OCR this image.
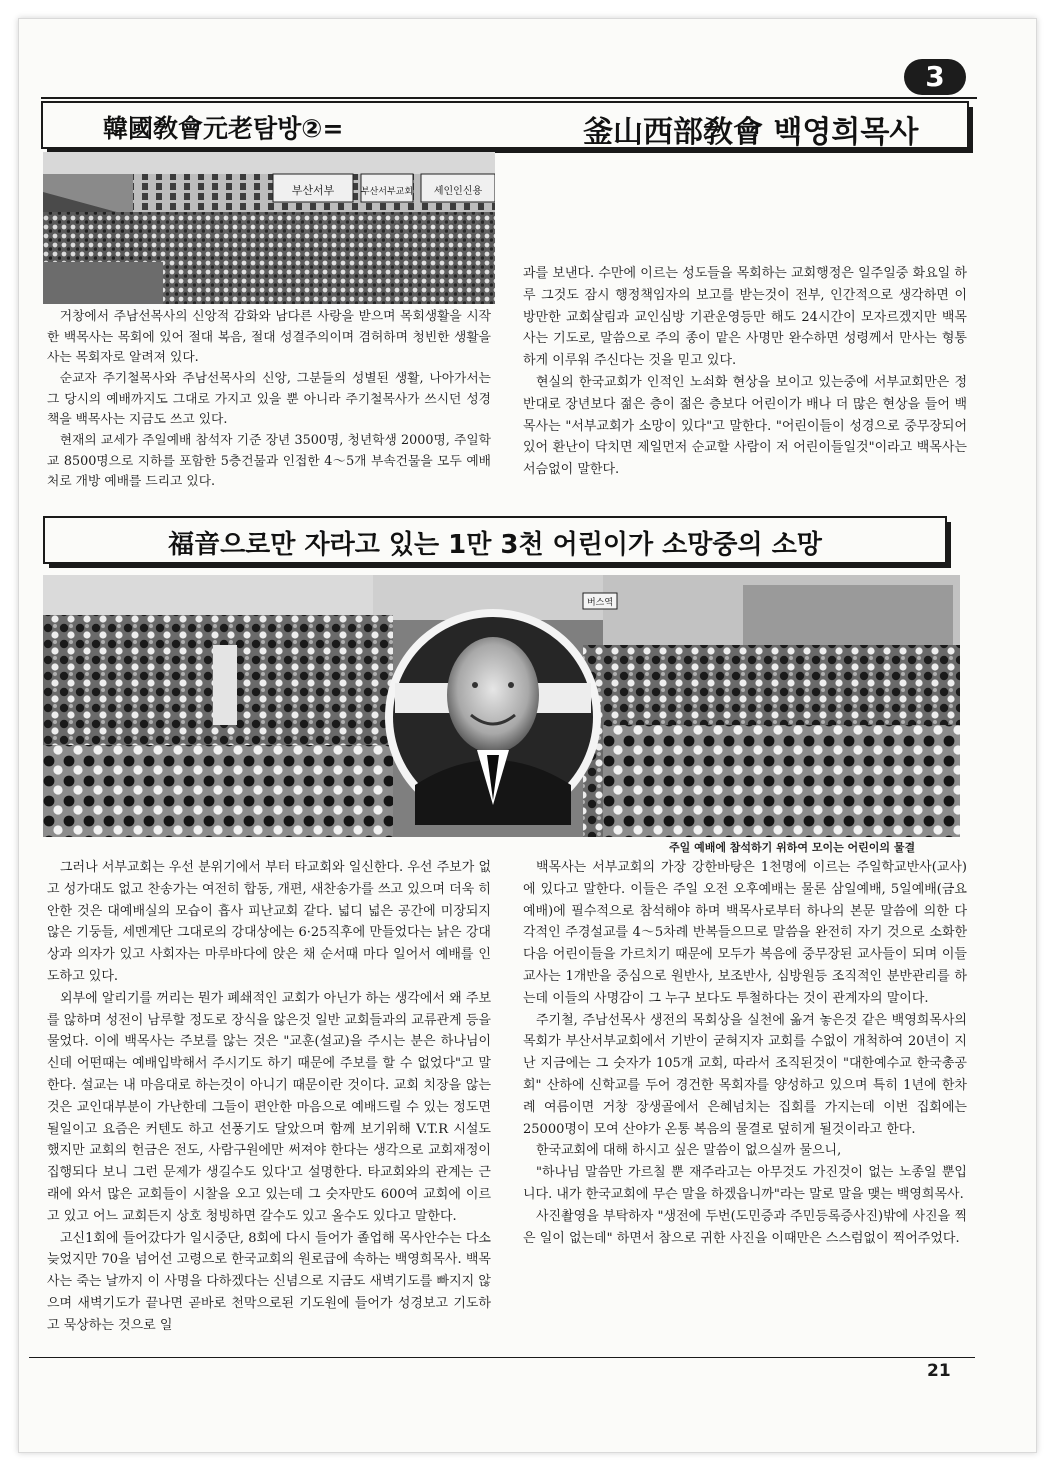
3
韓國敎會元老탐방②=	釜山西部敎會 백영희목사
부산서부	부산서부교회 세인인신용

거창에서 주남선목사의 신앙적 감화와 남다른 사랑을 받으며 목회생활을 시작한 백목사는 목회에 있어 절대 복음, 절대 성결주의이며 겸허하며 청빈한 생활을 사는 목회자로 알려져 있다.

순교자 주기철목사와 주남선목사의 신앙, 그분들의 성별된 생활, 나아가서는 그 당시의 예배까지도 그대로 가지고 있을 뿐 아니라 주기철목사가 쓰시던 성경책을 백목사는 지금도 쓰고 있다.

현재의 교세가 주일예배 참석자 기준 장년 3500명, 청년학생 2000명, 주일학교 8500명으로 지하를 포함한 5층건물과 인접한 4～5개 부속건물을 모두 예배처로 개방 예배를 드리고 있다.

과를 보낸다. 수만에 이르는 성도들을 목회하는 교회행정은 일주일중 화요일 하루 그것도 잠시 행정책임자의 보고를 받는것이 전부, 인간적으로 생각하면 이 방만한 교회살림과 교인심방 기관운영등만 해도 24시간이 모자르겠지만 백목사는 기도로, 말씀으로 주의 종이 맡은 사명만 완수하면 성령께서 만사는 형통하게 이루워 주신다는 것을 믿고 있다.

현실의 한국교회가 인적인 노쇠화 현상을 보이고 있는중에 서부교회만은 정반대로 장년보다 젊은 층이 젊은 층보다 어린이가 배나 더 많은 현상을 들어 백목사는 "서부교회가 소망이 있다"고 말한다. "어린이들이 성경으로 중무장되어 있어 환난이 닥치면 제일먼저 순교할 사람이 저 어린이들일것"이라고 백목사는 서슴없이 말한다.

福音으로만 자라고 있는 1만 3천 어린이가 소망중의 소망
버스역
주일 예배에 참석하기 위하여 모이는 어린이의 물결

그러나 서부교회는 우선 분위기에서 부터 타교회와 일신한다. 우선 주보가 없고 성가대도 없고 찬송가는 여전히 합동, 개편, 새찬송가를 쓰고 있으며 더욱 히안한 것은 대예배실의 모습이 흡사 피난교회 같다. 넓디 넓은 공간에 미장되지않은 기둥들, 세멘계단 그대로의 강대상에는 6·25직후에 만들었다는 낡은 강대상과 의자가 있고 사회자는 마루바다에 앉은 채 순서때 마다 일어서 예배를 인도하고 있다.

외부에 알리기를 꺼리는 뭔가 폐쇄적인 교회가 아닌가 하는 생각에서 왜 주보를 않하며 성전이 남루할 정도로 장식을 않은것 일반 교회들과의 교류관계 등을 물었다. 이에 백목사는 주보를 않는 것은 "교훈(설교)을 주시는 분은 하나님이신데 어떤때는 예배입박해서 주시기도 하기 때문에 주보를 할 수 없었다"고 말한다. 설교는 내 마음대로 하는것이 아니기 때문이란 것이다. 교회 치장을 않는것은 교인대부분이 가난한데 그들이 편안한 마음으로 예배드릴 수 있는 정도면 될일이고 요즘은 커텐도 하고 선풍기도 달았으며 함께 보기위해 V.T.R 시설도 했지만 교회의 헌금은 전도, 사람구원에만 써져야 한다는 생각으로 교회재정이 집행되다 보니 그런 문제가 생길수도 있다'고 설명한다. 타교회와의 관계는 근래에 와서 많은 교회들이 시찰을 오고 있는데 그 숫자만도 600여 교회에 이르고 있고 어느 교회든지 상호 청빙하면 갈수도 있고 올수도 있다고 말한다.

고신1회에 들어갔다가 일시중단, 8회에 다시 들어가 졸업해 목사안수는 다소 늦었지만 70을 넘어선 고령으로 한국교회의 원로급에 속하는 백영희목사. 백목사는 죽는 날까지 이 사명을 다하겠다는 신념으로 지금도 새벽기도를 빠지지 않으며 새벽기도가 끝나면 곧바로 천막으로된 기도원에 들어가 성경보고 기도하고 묵상하는 것으로 일

백목사는 서부교회의 가장 강한바탕은 1천명에 이르는 주일학교반사(교사)에 있다고 말한다. 이들은 주일 오전 오후예배는 물론 삼일예배, 5일예배(금요예배)에 필수적으로 참석해야 하며 백목사로부터 하나의 본문 말씀에 의한 다각적인 주경설교를 4～5차례 반복들으므로 말씀을 완전히 자기 것으로 소화한 다음 어린이들을 가르치기 때문에 모두가 복음에 중무장된 교사들이 되며 이들 교사는 1개반을 중심으로 원반사, 보조반사, 심방원등 조직적인 분반관리를 하는데 이들의 사명감이 그 누구 보다도 투철하다는 것이 관계자의 말이다.

주기철, 주남선목사 생전의 목회상을 실천에 옮겨 놓은것 같은 백영희목사의 목회가 부산서부교회에서 기반이 굳혀지자 교회를 수없이 개척하여 20년이 지난 지금에는 그 숫자가 105개 교회, 따라서 조직된것이 "대한예수교 한국총공회" 산하에 신학교를 두어 경건한 목회자를 양성하고 있으며 특히 1년에 한차례 여름이면 거창 장생골에서 은혜넘치는 집회를 가지는데 이번 집회에는 25000명이 모여 산야가 온통 복음의 물결로 덮히게 될것이라고 한다.

한국교회에 대해 하시고 싶은 말씀이 없으실까 물으니,

"하나님 말씀만 가르칠 뿐 재주라고는 아무것도 가진것이 없는 노종일 뿐입니다. 내가 한국교회에 무슨 말을 하겠읍니까"라는 말로 말을 맺는 백영희목사.

사진촬영을 부탁하자 "생전에 두번(도민증과 주민등록증사진)밖에 사진을 찍은 일이 없는데" 하면서 참으로 귀한 사진을 이때만은 스스럼없이 찍어주었다.

21
